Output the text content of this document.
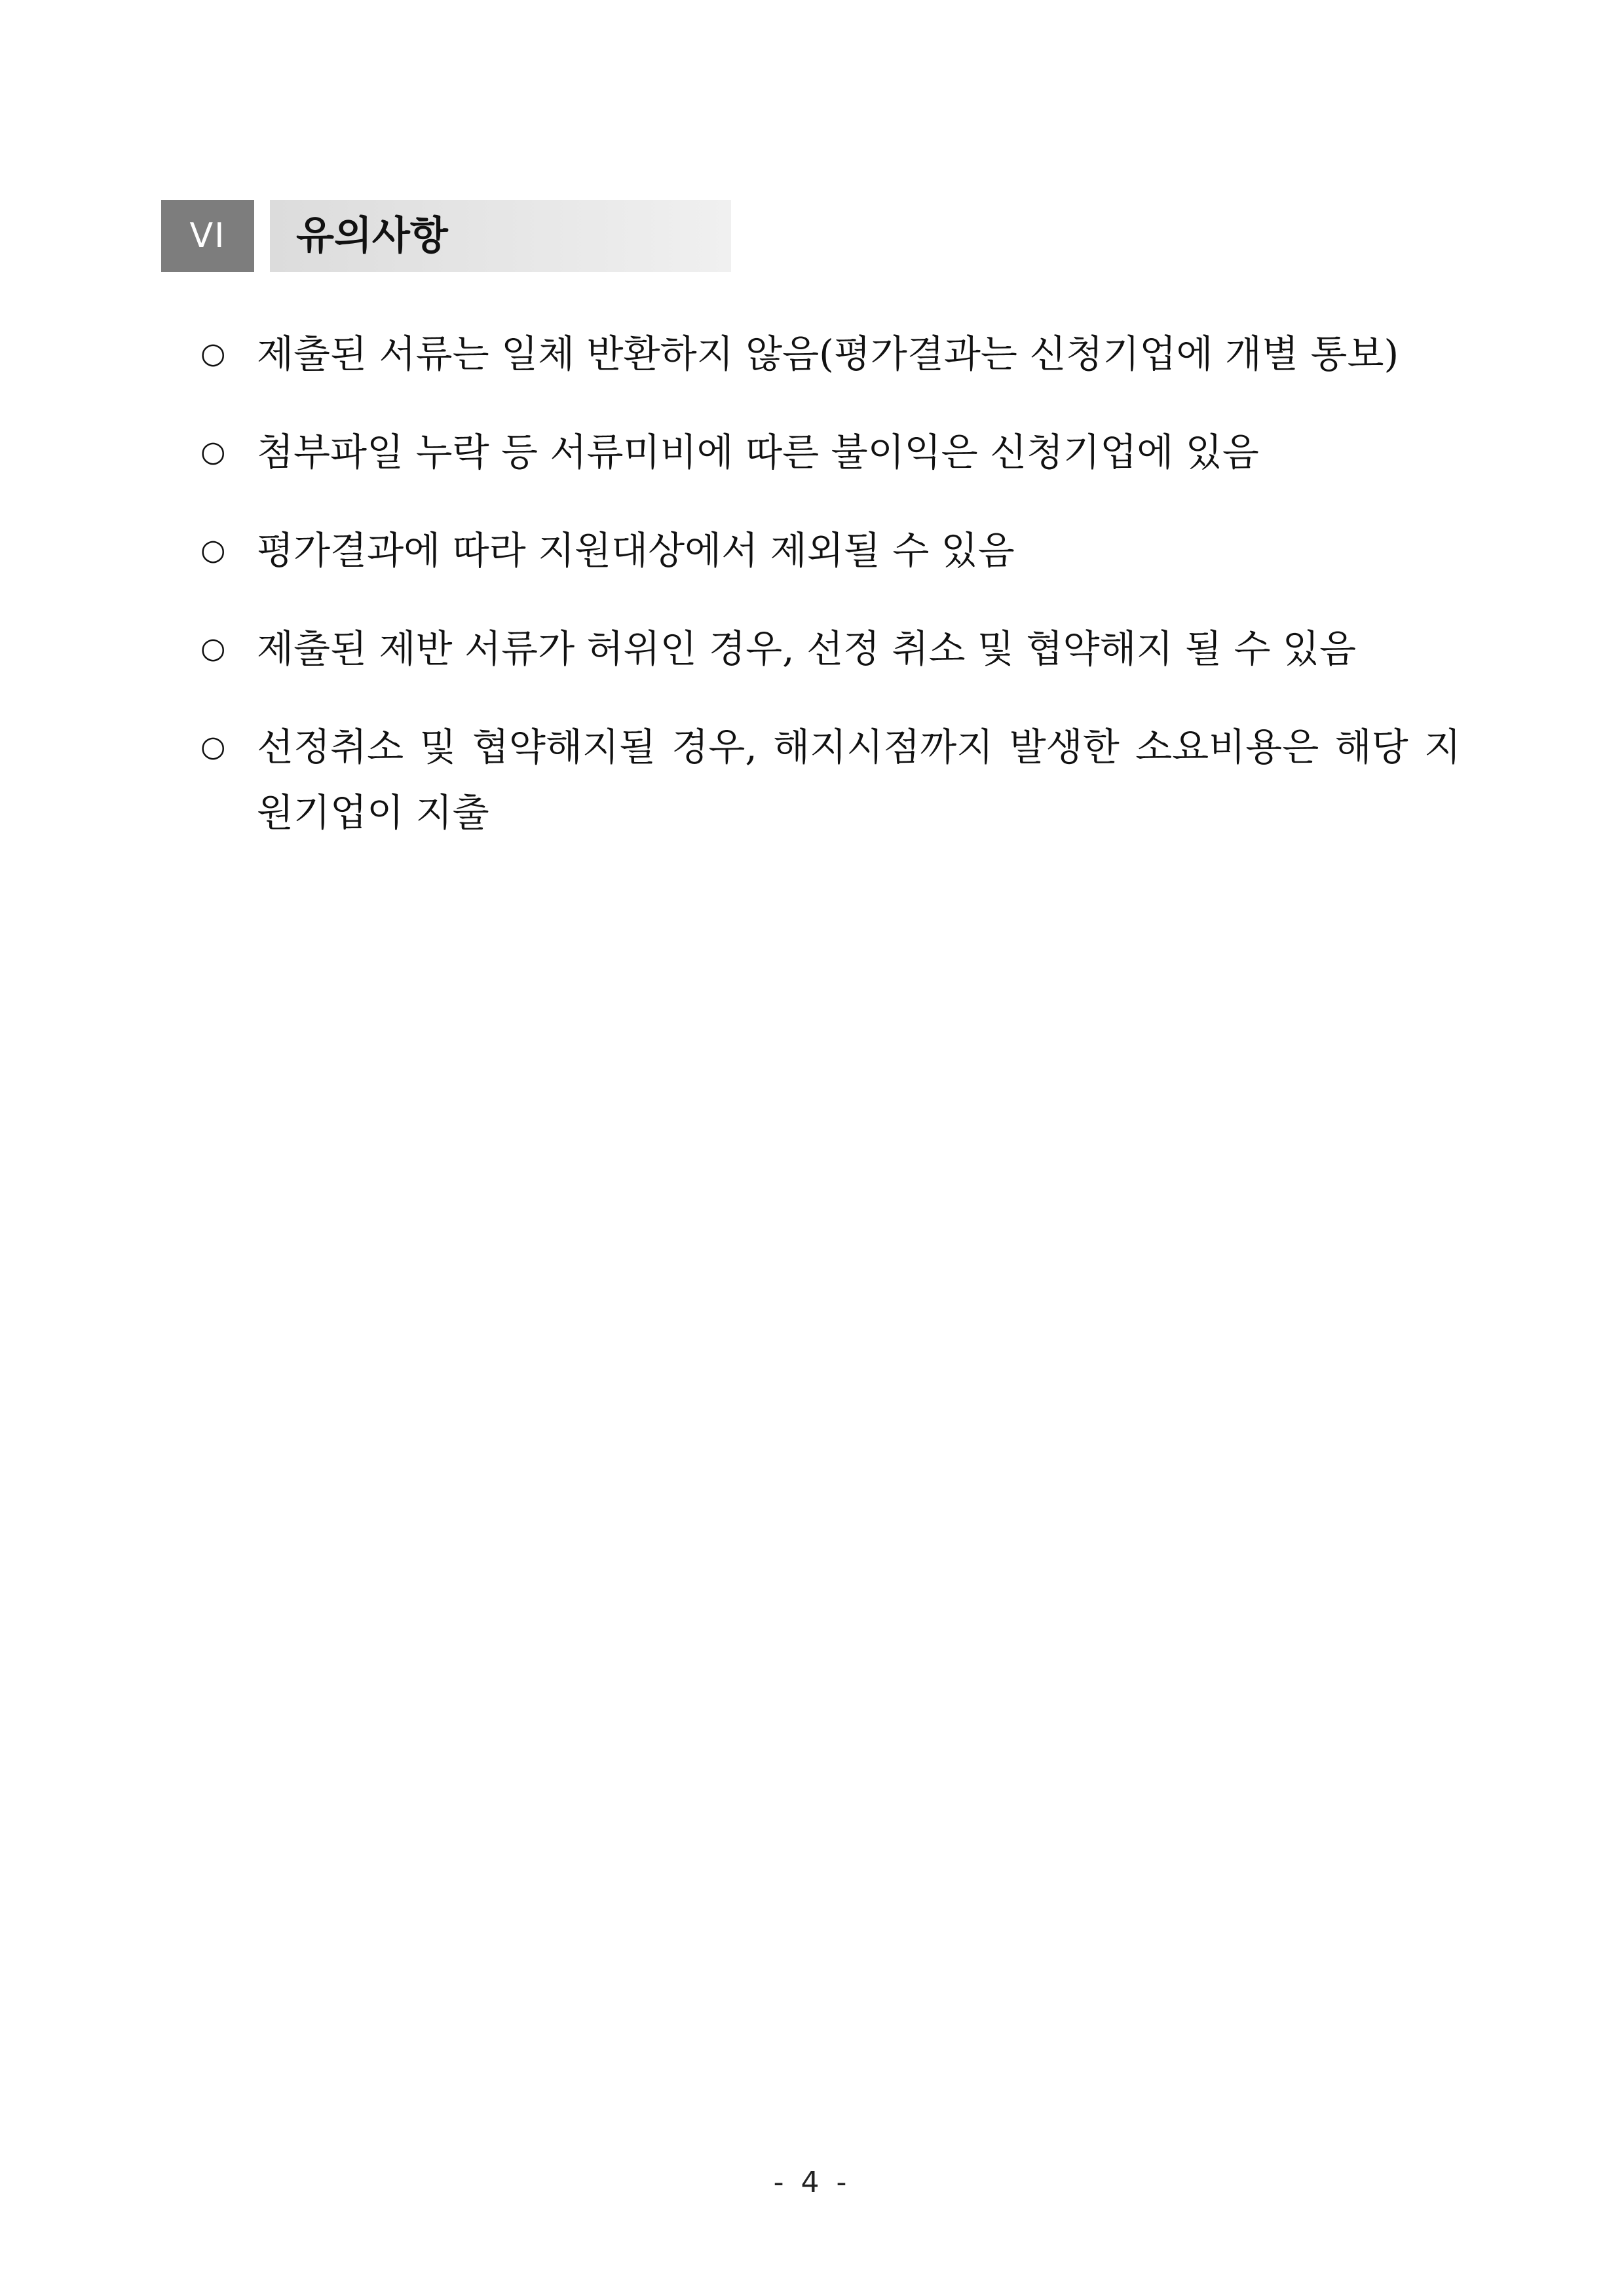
VI	유의사항
○ 제출된 서류는 일체 반환하지 않음(평가결과는 신청기업에 개별 통보)
○ 첨부파일 누락 등 서류미비에 따른 불이익은 신청기업에 있음
○ 평가결과에 따라 지원대상에서 제외될 수 있음
○ 제출된 제반 서류가 허위인 경우, 선정 취소 및 협약해지 될 수 있음
○ 선정취소 및 협약해지될 경우, 해지시점까지 발생한 소요비용은 해당 지원기업이 지출
- 4 -
